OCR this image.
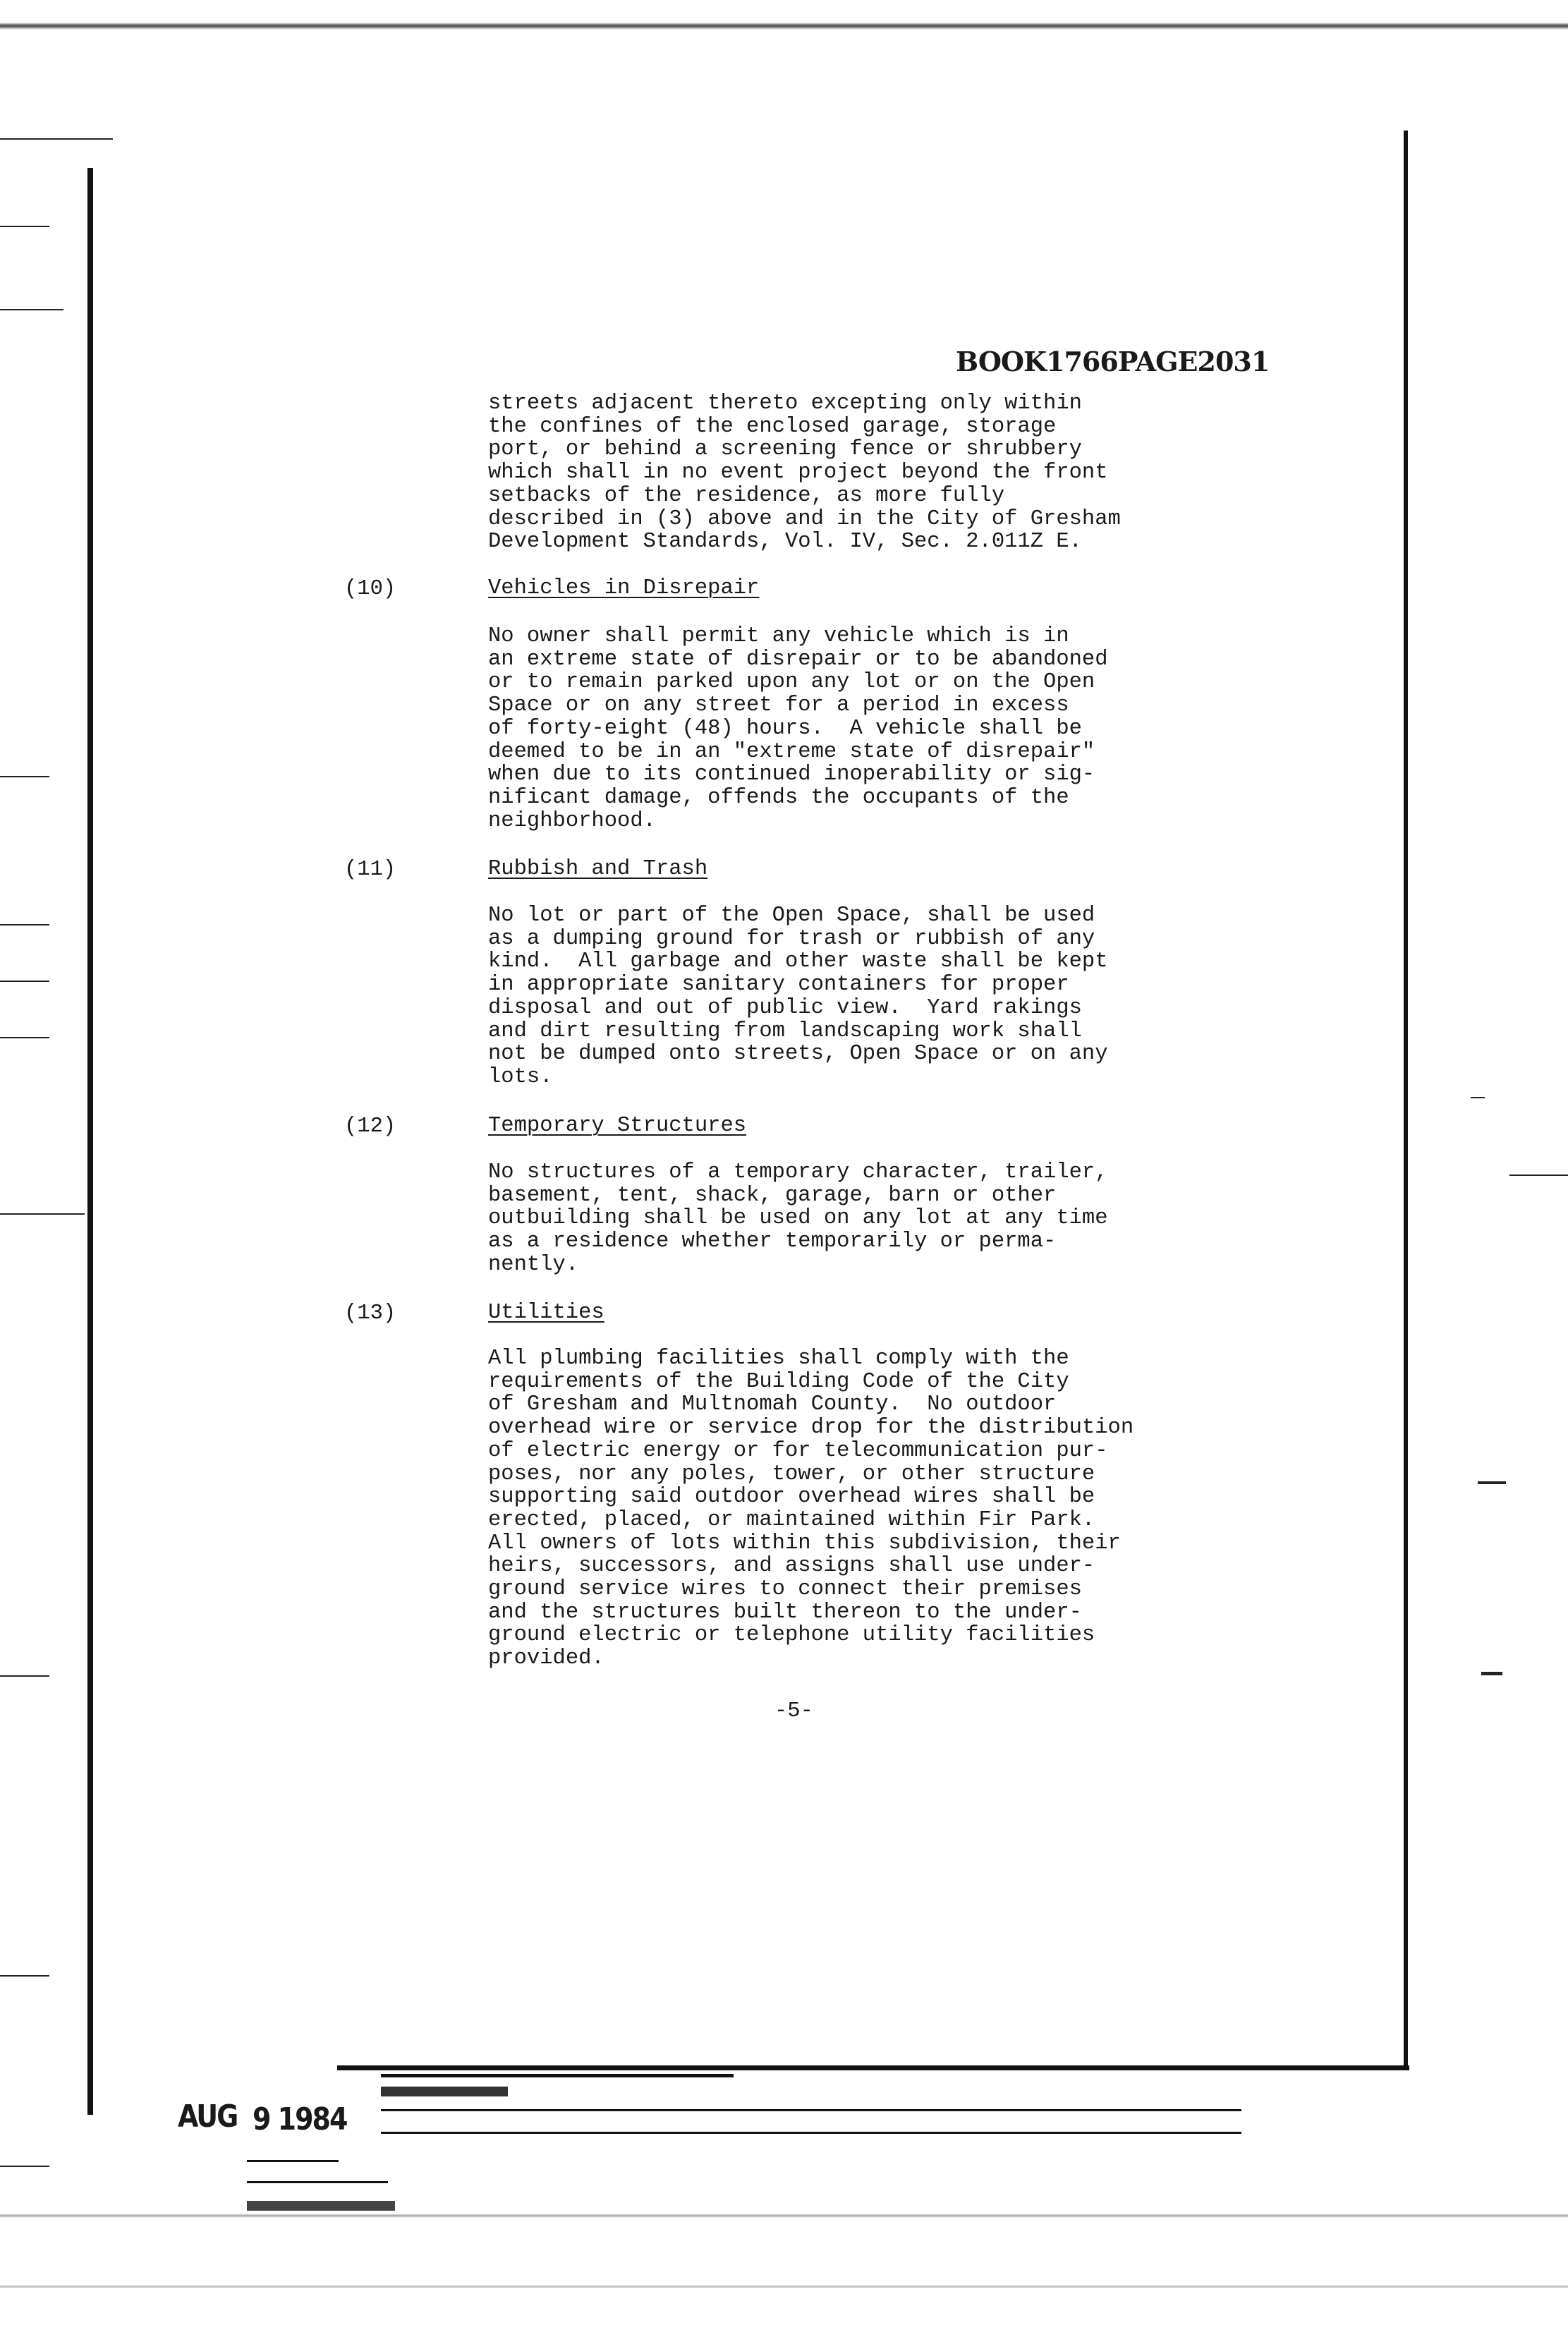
BOOK1766PAGE2031
streets adjacent thereto excepting only within
the confines of the enclosed garage, storage
port, or behind a screening fence or shrubbery
which shall in no event project beyond the front
setbacks of the residence, as more fully
described in (3) above and in the City of Gresham
Development Standards, Vol. IV, Sec. 2.011Z E.
(10)	Vehicles in Disrepair
No owner shall permit any vehicle which is in
an extreme state of disrepair or to be abandoned
or to remain parked upon any lot or on the Open
Space or on any street for a period in excess
of forty-eight (48) hours.  A vehicle shall be
deemed to be in an "extreme state of disrepair"
when due to its continued inoperability or sig-
nificant damage, offends the occupants of the
neighborhood.
(11)	Rubbish and Trash
No lot or part of the Open Space, shall be used
as a dumping ground for trash or rubbish of any
kind.  All garbage and other waste shall be kept
in appropriate sanitary containers for proper
disposal and out of public view.  Yard rakings
and dirt resulting from landscaping work shall
not be dumped onto streets, Open Space or on any
lots.
(12)	Temporary Structures
No structures of a temporary character, trailer,
basement, tent, shack, garage, barn or other
outbuilding shall be used on any lot at any time
as a residence whether temporarily or perma-
nently.
(13)	Utilities
All plumbing facilities shall comply with the
requirements of the Building Code of the City
of Gresham and Multnomah County.  No outdoor
overhead wire or service drop for the distribution
of electric energy or for telecommunication pur-
poses, nor any poles, tower, or other structure
supporting said outdoor overhead wires shall be
erected, placed, or maintained within Fir Park.
All owners of lots within this subdivision, their
heirs, successors, and assigns shall use under-
ground service wires to connect their premises
and the structures built thereon to the under-
ground electric or telephone utility facilities
provided.
-5-
AUG 9 1984
